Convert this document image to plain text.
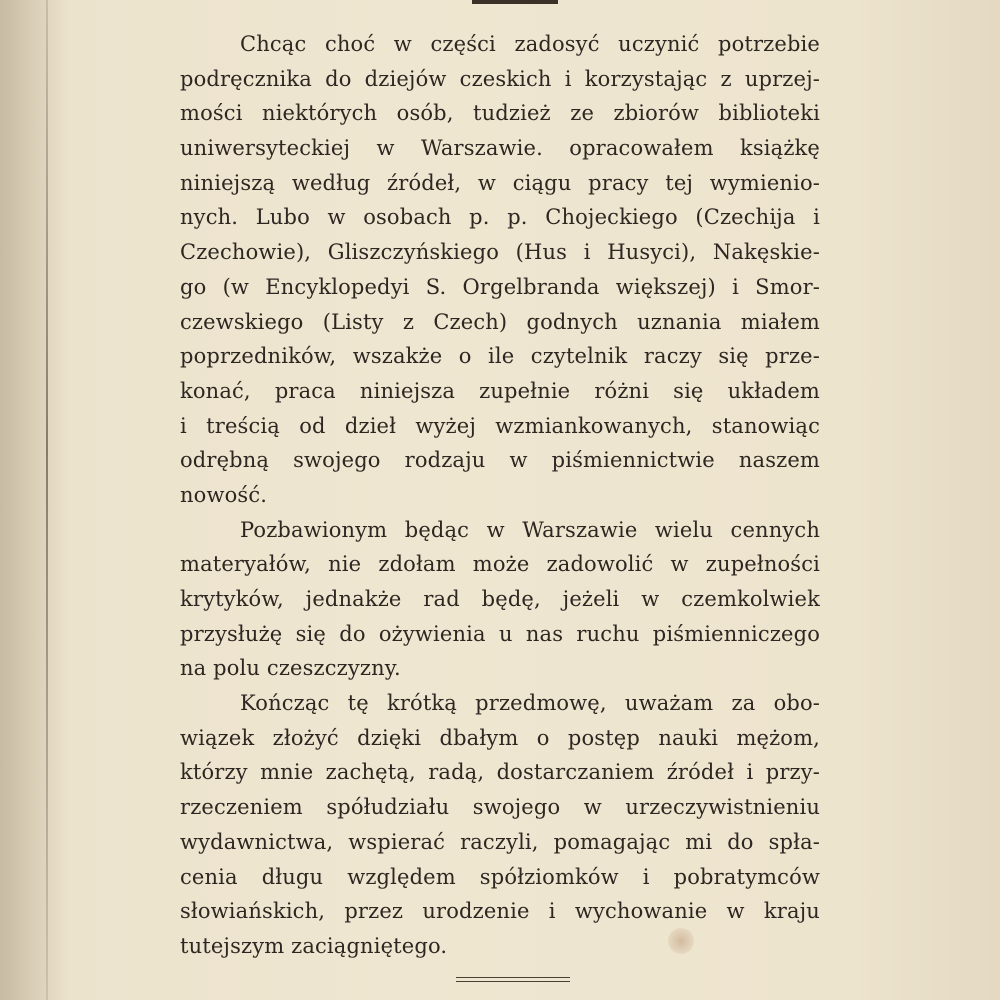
Chcąc choć w części zadosyć uczynić potrzebie
podręcznika do dziejów czeskich i korzystając z uprzej-
mości niektórych osób, tudzież ze zbiorów biblioteki
uniwersyteckiej w Warszawie. opracowałem książkę
niniejszą według źródeł, w ciągu pracy tej wymienio-
nych. Lubo w osobach p. p. Chojeckiego (Czechija i
Czechowie), Gliszczyńskiego (Hus i Husyci), Nakęskie-
go (w Encyklopedyi S. Orgelbranda większej) i Smor-
czewskiego (Listy z Czech) godnych uznania miałem
poprzedników, wszakże o ile czytelnik raczy się prze-
konać, praca niniejsza zupełnie różni się układem
i treścią od dzieł wyżej wzmiankowanych, stanowiąc
odrębną swojego rodzaju w piśmiennictwie naszem
nowość.
Pozbawionym będąc w Warszawie wielu cennych
materyałów, nie zdołam może zadowolić w zupełności
krytyków, jednakże rad będę, jeżeli w czemkolwiek
przysłużę się do ożywienia u nas ruchu piśmienniczego
na polu czeszczyzny.
Kończąc tę krótką przedmowę, uważam za obo-
wiązek złożyć dzięki dbałym o postęp nauki mężom,
którzy mnie zachętą, radą, dostarczaniem źródeł i przy-
rzeczeniem spółudziału swojego w urzeczywistnieniu
wydawnictwa, wspierać raczyli, pomagając mi do spła-
cenia długu względem spółziomków i pobratymców
słowiańskich, przez urodzenie i wychowanie w kraju
tutejszym zaciągniętego.
